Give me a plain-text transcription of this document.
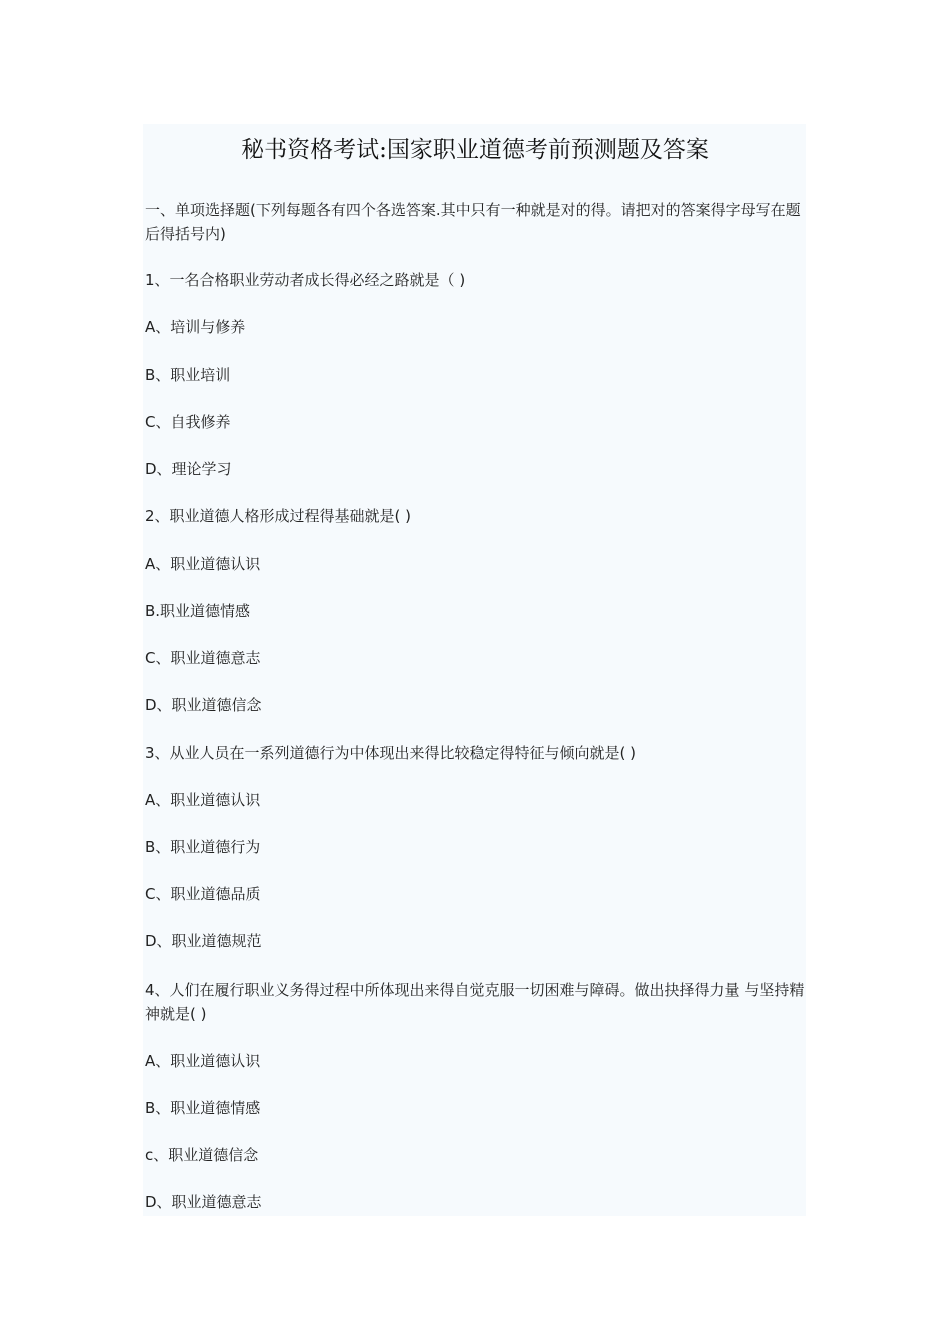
秘书资格考试:国家职业道德考前预测题及答案
一、单项选择题(下列每题各有四个各选答案.其中只有一种就是对的得。请把对的答案得字母写在题后得括号内)
1、一名合格职业劳动者成长得必经之路就是（ )
A、培训与修养
B、职业培训
C、自我修养
D、理论学习
2、职业道德人格形成过程得基础就是( )
A、职业道德认识
B.职业道德情感
C、职业道德意志
D、职业道德信念
3、从业人员在一系列道德行为中体现出来得比较稳定得特征与倾向就是( )
A、职业道德认识
B、职业道德行为
C、职业道德品质
D、职业道德规范
4、人们在履行职业义务得过程中所体现出来得自觉克服一切困难与障碍。做出抉择得力量 与坚持精神就是( )
A、职业道德认识
B、职业道德情感
c、职业道德信念
D、职业道德意志
